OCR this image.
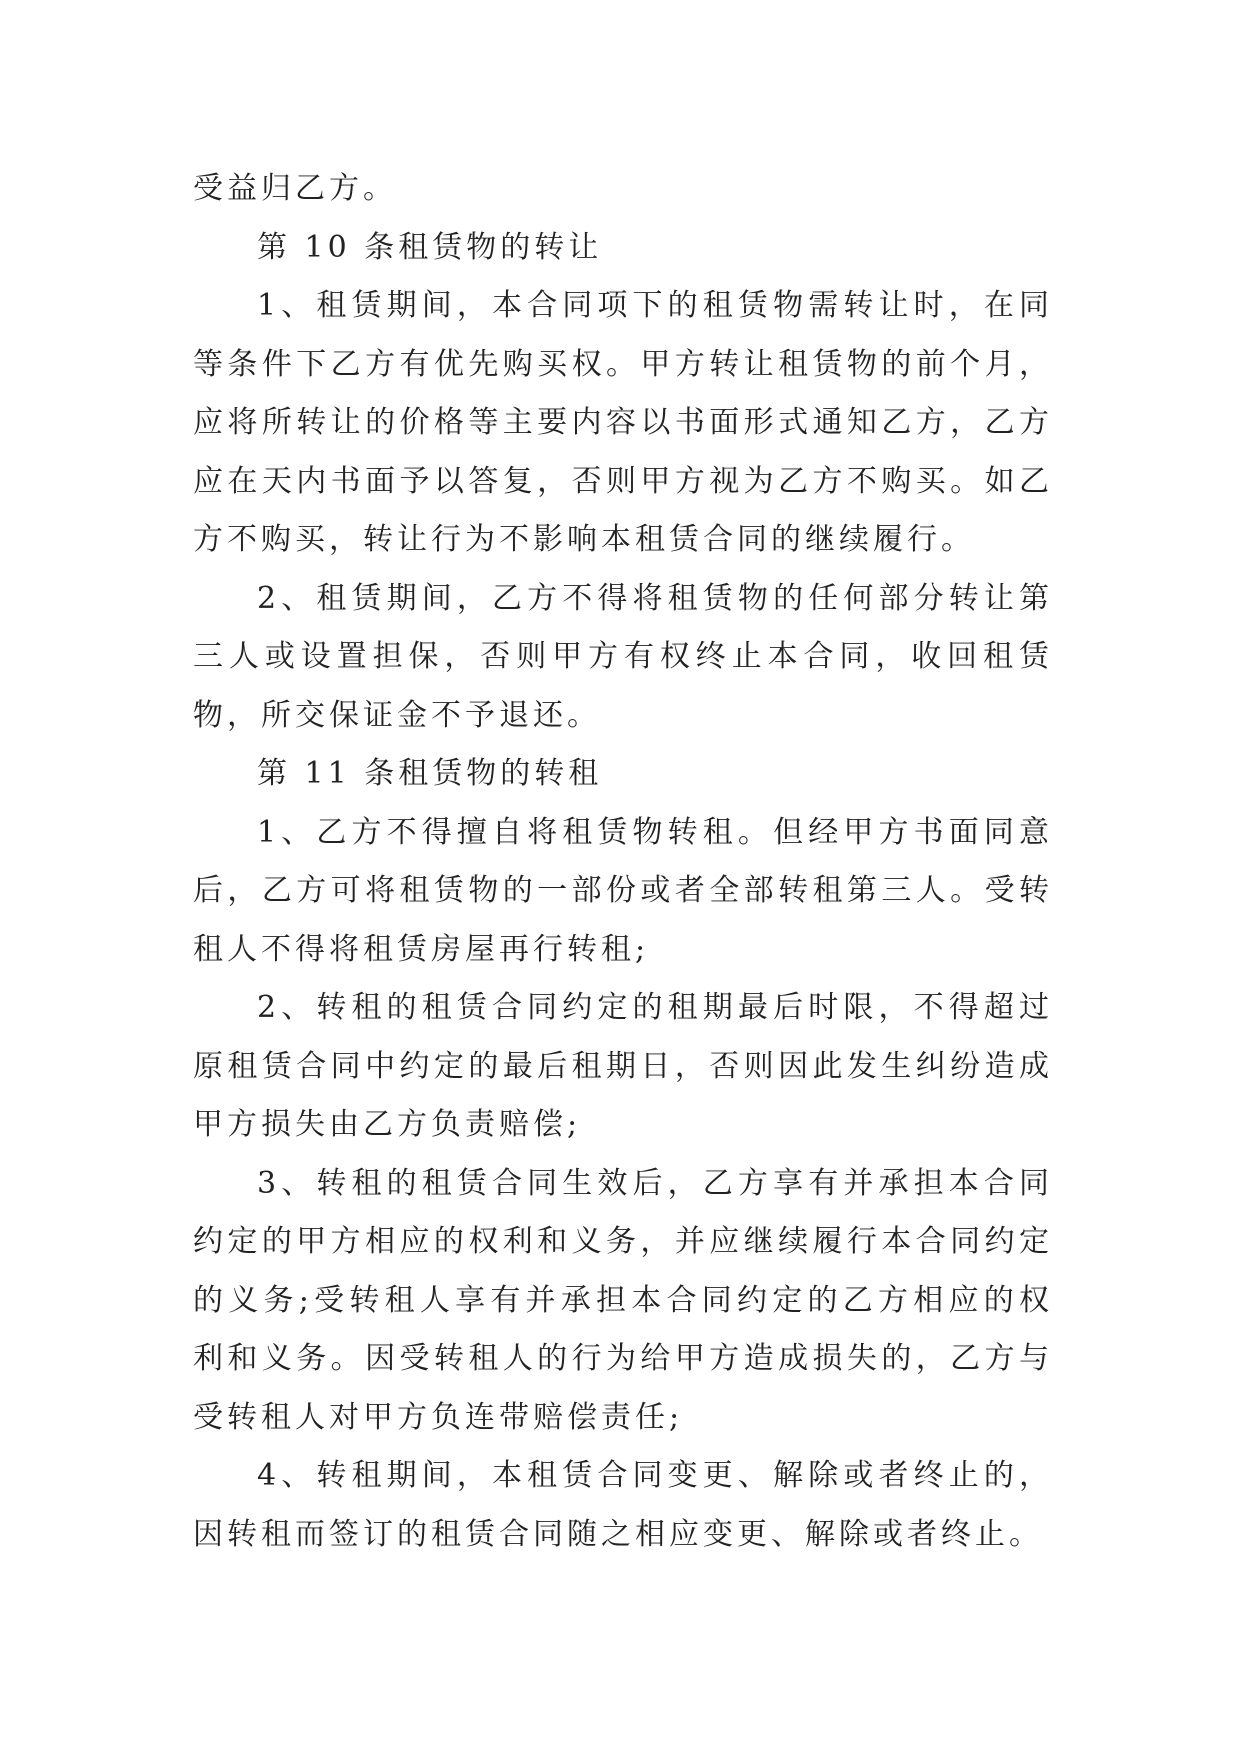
受益归乙方。

第 10 条租赁物的转让

1、租赁期间，本合同项下的租赁物需转让时，在同等条件下乙方有优先购买权。甲方转让租赁物的前个月，应将所转让的价格等主要内容以书面形式通知乙方，乙方应在天内书面予以答复，否则甲方视为乙方不购买。如乙方不购买，转让行为不影响本租赁合同的继续履行。

2、租赁期间，乙方不得将租赁物的任何部分转让第三人或设置担保，否则甲方有权终止本合同，收回租赁物，所交保证金不予退还。

第 11 条租赁物的转租

1、乙方不得擅自将租赁物转租。但经甲方书面同意后，乙方可将租赁物的一部份或者全部转租第三人。受转租人不得将租赁房屋再行转租;

2、转租的租赁合同约定的租期最后时限，不得超过原租赁合同中约定的最后租期日，否则因此发生纠纷造成甲方损失由乙方负责赔偿;

3、转租的租赁合同生效后，乙方享有并承担本合同约定的甲方相应的权利和义务，并应继续履行本合同约定的义务;受转租人享有并承担本合同约定的乙方相应的权利和义务。因受转租人的行为给甲方造成损失的，乙方与受转租人对甲方负连带赔偿责任;

4、转租期间，本租赁合同变更、解除或者终止的，因转租而签订的租赁合同随之相应变更、解除或者终止。
